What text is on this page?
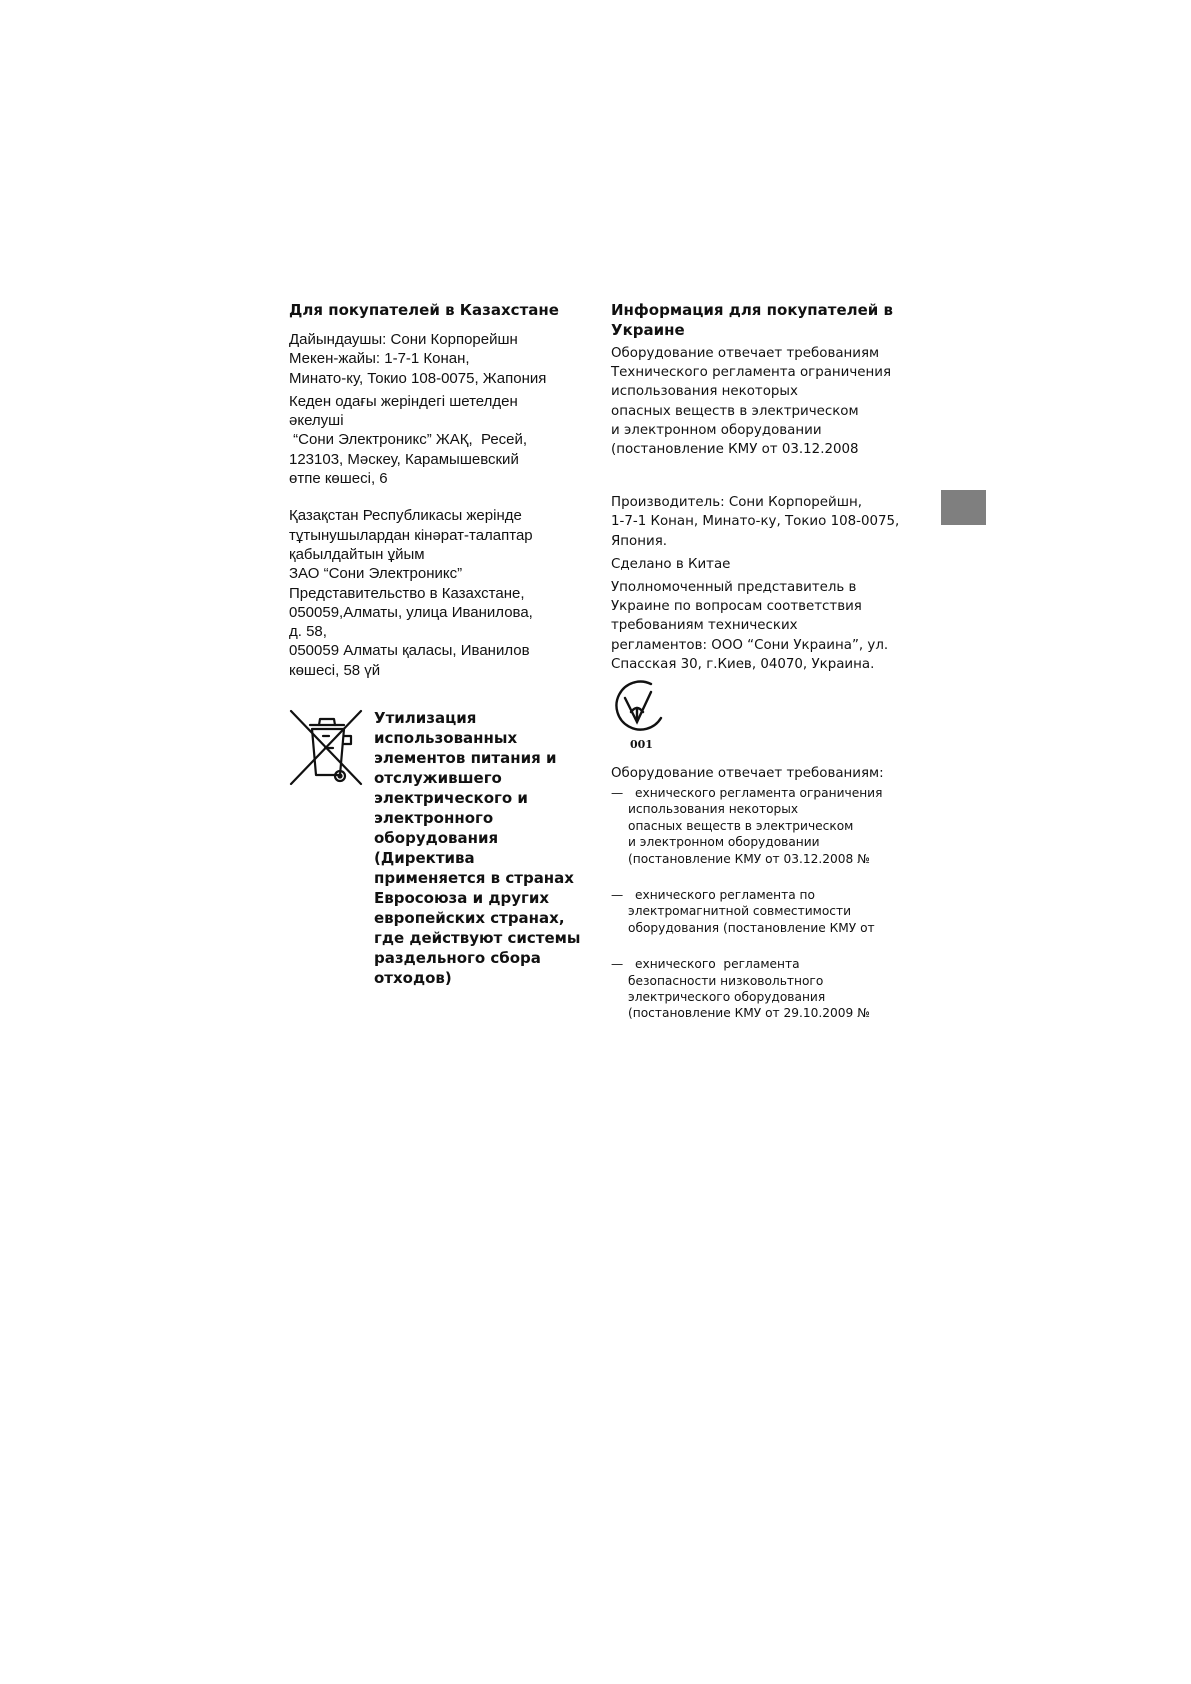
Для покупателей в Казахстане

Дайындаушы: Сони Корпорейшн
Мекен-жайы: 1-7-1 Конан,
Минато-ку, Токио 108-0075, Жапония

Кеден одағы жеріндегі шетелден
әкелуші
“Сони Электроникс” ЖАҚ,  Ресей,
123103, Мәскеу, Карамышевский
өтпе көшесі, 6

Қазақстан Республикасы жерінде
тұтынушылардан кінәрат-талаптар
қабылдайтын ұйым
ЗАО “Сони Электроникс”
Представительство в Казахстане,
050059,Алматы, улица Иванилова,
д. 58,
050059 Алматы қаласы, Иванилов
көшесі, 58 үй

Утилизация
использованных
элементов питания и
отслужившего
электрического и
электронного
оборудования
(Директива
применяется в странах
Евросоюза и других
европейских странах,
где действуют системы
раздельного сбора
отходов)
Информация для покупателей в
Украине

Оборудование отвечает требованиям
Технического регламента ограничения
использования некоторых
опасных веществ в электрическом
и электронном оборудовании
(постановление КМУ от 03.12.2008

Производитель: Сони Корпорейшн,
1-7-1 Конан, Минато-ку, Токио 108-0075,
Япония.

Сделано в Китае

Уполномоченный представитель в
Украине по вопросам соответствия
требованиям технических
регламентов: ООО “Сони Украина”, ул.
Спасская 30, г.Киев, 04070, Украина.

001

Оборудование отвечает требованиям:

— ехнического регламента ограничения
использования некоторых
опасных веществ в электрическом
и электронном оборудовании
(постановление КМУ от 03.12.2008 №
— ехнического регламента по
электромагнитной совместимости
оборудования (постановление КМУ от
— ехнического  регламента
безопасности низковольтного
электрического оборудования
(постановление КМУ от 29.10.2009 №
